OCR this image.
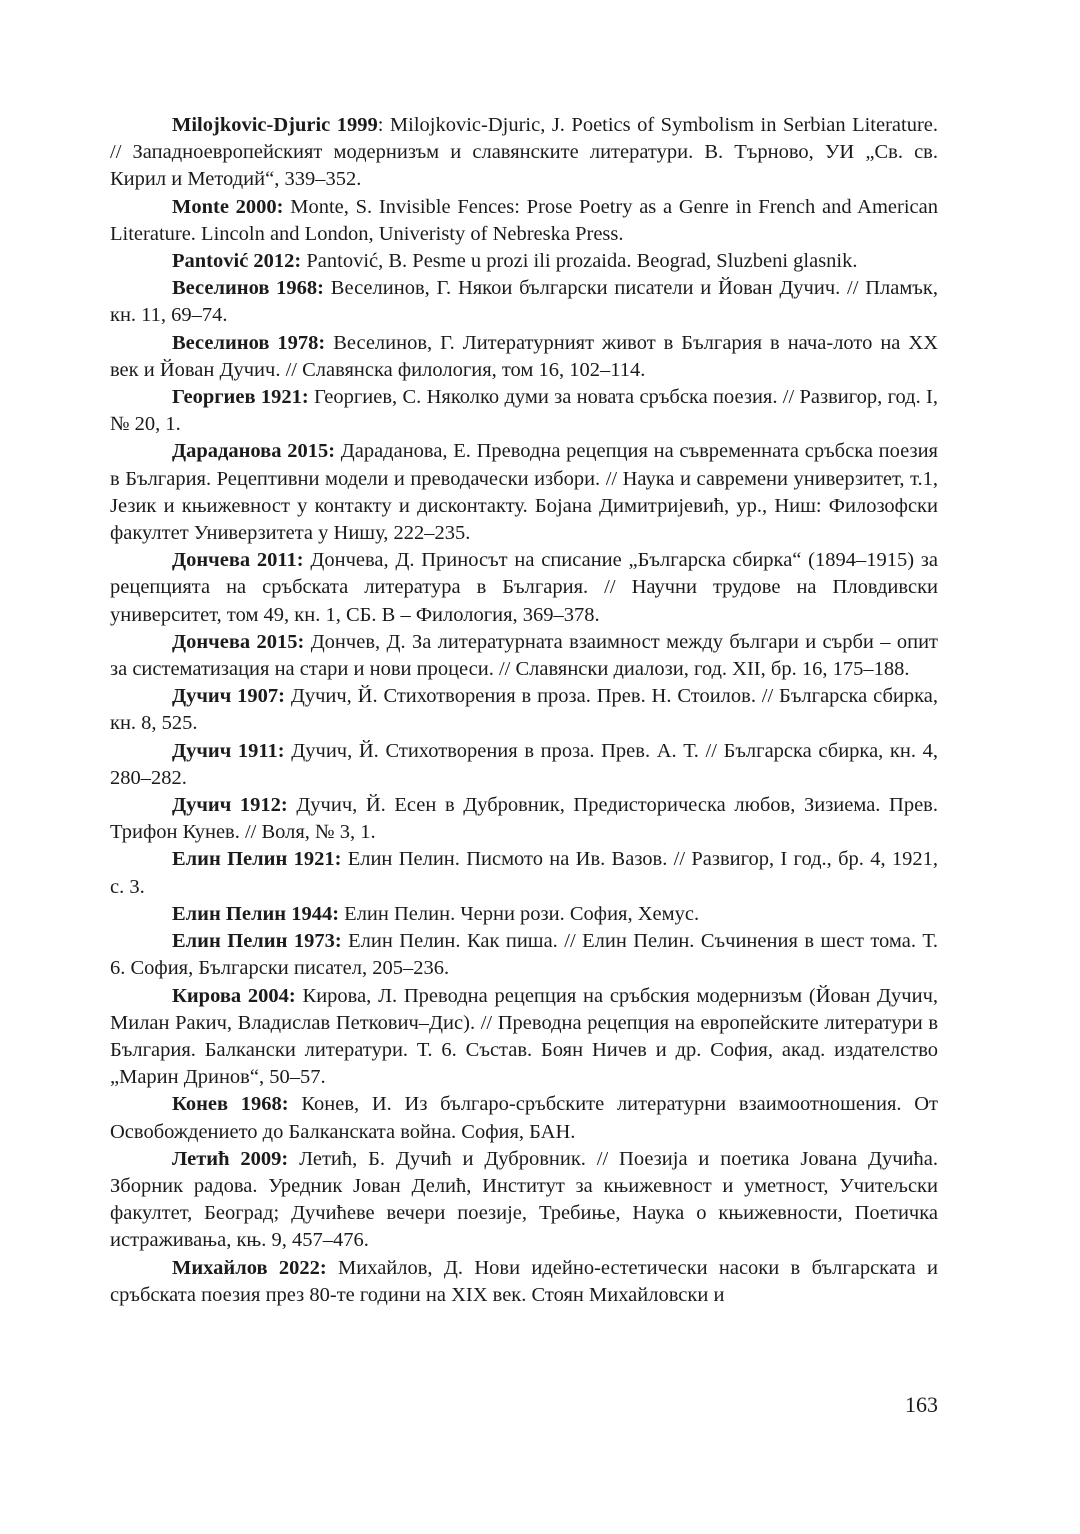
Milojkovic-Djuric 1999: Milojkovic-Djuric, J. Poetics of Symbolism in Serbian Literature. // Западноевропейският модернизъм и славянските литератури. В. Търново, УИ „Св. св. Кирил и Методий“, 339–352.

Monte 2000: Monte, S. Invisible Fences: Prose Poetry as a Genre in French and American Literature. Lincoln and London, Univeristy of Nebreska Press.

Pantović 2012: Pantović, B. Pesme u prozi ili prozaida. Beograd, Sluzbeni glasnik.

Веселинов 1968: Веселинов, Г. Някои български писатели и Йован Дучич. // Пламък, кн. 11, 69–74.

Веселинов 1978: Веселинов, Г. Литературният живот в България в нача-лото на XX век и Йован Дучич. // Славянска филология, том 16, 102–114.

Георгиев 1921: Георгиев, С. Няколко думи за новата сръбска поезия. // Развигор, год. I, № 20, 1.

Дараданова 2015: Дараданова, Е. Преводна рецепция на съвременната сръбска поезия в България. Рецептивни модели и преводачески избори. // Наука и савремени универзитет, т.1, Језик и књижевност у контакту и дисконтакту. Бојана Димитријевић, ур., Ниш: Филозофски факултет Универзитета у Нишу, 222–235.

Дончева 2011: Дончева, Д. Приносът на списание „Българска сбирка“ (1894–1915) за рецепцията на сръбската литература в България. // Научни трудове на Пловдивски университет, том 49, кн. 1, СБ. В – Филология, 369–378.

Дончева 2015: Дончев, Д. За литературната взаимност между българи и сърби – опит за систематизация на стари и нови процеси. // Славянски диалози, год. XII, бр. 16, 175–188.

Дучич 1907: Дучич, Й. Стихотворения в проза. Прев. Н. Стоилов. // Българска сбирка, кн. 8, 525.

Дучич 1911: Дучич, Й. Стихотворения в проза. Прев. А. Т. // Българска сбирка, кн. 4, 280–282.

Дучич 1912: Дучич, Й. Есен в Дубровник, Предисторическа любов, Зизиема. Прев. Трифон Кунев. // Воля, № 3, 1.

Елин Пелин 1921: Елин Пелин. Писмото на Ив. Вазов. // Развигор, I год., бр. 4, 1921, с. 3.

Елин Пелин 1944: Елин Пелин. Черни рози. София, Хемус.

Елин Пелин 1973: Елин Пелин. Как пиша. // Елин Пелин. Съчинения в шест тома. Т. 6. София, Български писател, 205–236.

Кирова 2004: Кирова, Л. Преводна рецепция на сръбския модернизъм (Йован Дучич, Милан Ракич, Владислав Петкович–Дис). // Преводна рецепция на европейските литератури в България. Балкански литератури. Т. 6. Състав. Боян Ничев и др. София, акад. издателство „Марин Дринов“, 50–57.

Конев 1968: Конев, И. Из българо-сръбските литературни взаимоотношения. От Освобождението до Балканската война. София, БАН.

Летић 2009: Летић, Б. Дучић и Дубровник. // Поезија и поетика Јована Дучића. Зборник радова. Уредник Јован Делић, Институт за књижевност и уметност, Учитељски факултет, Београд; Дучићеве вечери поезије, Требиње, Наука о књижевности, Поетичка истраживања, књ. 9, 457–476.

Михайлов 2022: Михайлов, Д. Нови идейно-естетически насоки в българската и сръбската поезия през 80-те години на XIX век. Стоян Михайловски и

163
